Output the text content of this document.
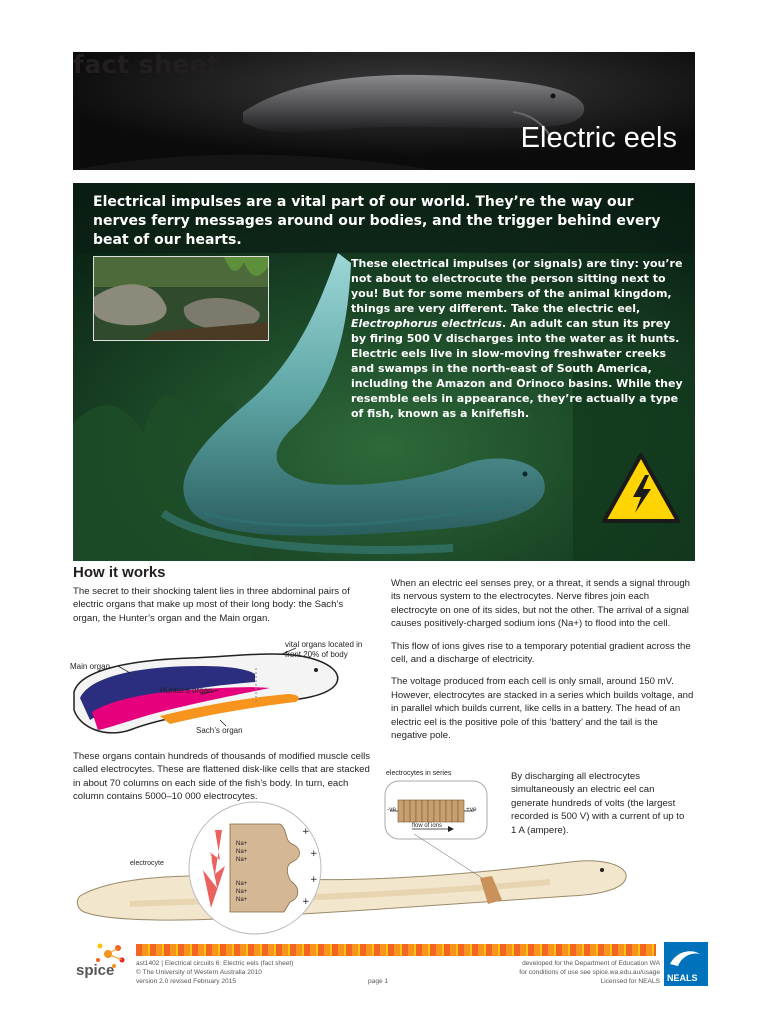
fact sheet
Electric eels
Electrical impulses are a vital part of our world. They’re the way our nerves ferry messages around our bodies, and the trigger behind every beat of our hearts.

These electrical impulses (or signals) are tiny: you’re not about to electrocute the person sitting next to you! But for some members of the animal kingdom, things are very different. Take the electric eel, Electrophorus electricus. An adult can stun its prey by firing 500 V discharges into the water as it hunts. Electric eels live in slow-moving freshwater creeks and swamps in the north-east of South America, including the Amazon and Orinoco basins. While they resemble eels in appearance, they’re actually a type of fish, known as a knifefish.

How it works

The secret to their shocking talent lies in three abdominal pairs of electric organs that make up most of their long body: the Sach’s organ, the Hunter’s organ and the Main organ.

Main organ
Hunter’s organ
Sach’s organ
vital organs located in front 20% of body

These organs contain hundreds of thousands of modified muscle cells called electrocytes. These are flattened disk-like cells that are stacked in about 70 columns on each side of the fish’s body. In turn, each column contains 5000–10 000 electrocytes.

When an electric eel senses prey, or a threat, it sends a signal through its nervous system to the electrocytes. Nerve fibres join each electrocyte on one of its sides, but not the other. The arrival of a signal causes positively-charged sodium ions (Na+) to flood into the cell.

This flow of ions gives rise to a temporary potential gradient across the cell, and a discharge of electricity.

The voltage produced from each cell is only small, around 150 mV. However, electrocytes are stacked in a series which builds voltage, and in parallel which builds current, like cells in a battery. The head of an electric eel is the positive pole of this ‘battery’ and the tail is the negative pole.

By discharging all electrocytes simultaneously an electric eel can generate hundreds of volts (the largest recorded is 500 V) with a current of up to 1 A (ampere).

electrocytes in series
-ve	+ve
flow of ions
+
+
+
+
electrocyte
Na+
Na+
Na+
Na+
Na+
Na+
stimulus
spice	ast1402 | Electrical circuits 6: Electric eels (fact sheet)
© The University of Western Australia 2010
version 2.0 revised February 2015	page 1
developed for the Department of Education WA
for conditions of use see spice.wa.edu.au/usage
Licensed for NEALS NEALS
